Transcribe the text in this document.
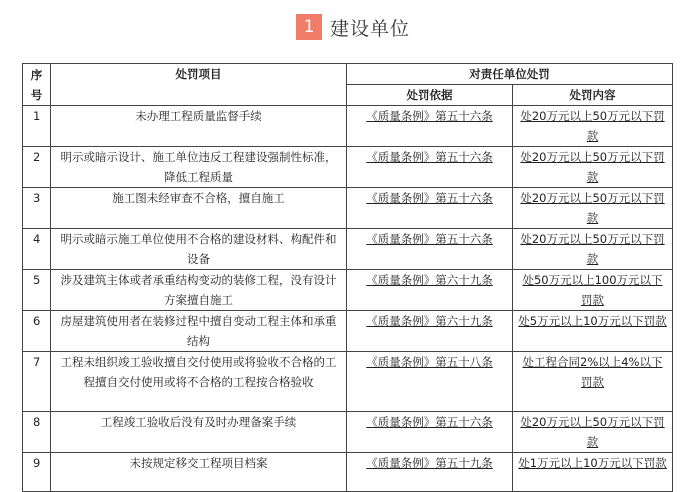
1 建设单位
序
号	处罚项目	对责任单位处罚	
		处罚依据	处罚内容
1	未办理工程质量监督手续	《质量条例》第五十六条	处20万元以上50万元以下罚款
2	明示或暗示设计、施工单位违反工程建设强制性标准，降低工程质量	《质量条例》第五十六条	处20万元以上50万元以下罚款
3	施工图未经审查不合格，擅自施工	《质量条例》第五十六条	处20万元以上50万元以下罚款
4	明示或暗示施工单位使用不合格的建设材料、构配件和设备	《质量条例》第五十六条	处20万元以上50万元以下罚款
5	涉及建筑主体或者承重结构变动的装修工程，没有设计方案擅自施工	《质量条例》第六十九条	处50万元以上100万元以下罚款
6	房屋建筑使用者在装修过程中擅自变动工程主体和承重结构	《质量条例》第六十九条	处5万元以上10万元以下罚款
7	工程未组织竣工验收擅自交付使用或将验收不合格的工程擅自交付使用或将不合格的工程按合格验收	《质量条例》第五十八条	处工程合同2%以上4%以下罚款
8	工程竣工验收后没有及时办理备案手续	《质量条例》第五十六条	处20万元以上50万元以下罚款
9	未按规定移交工程项目档案	《质量条例》第五十九条	处1万元以上10万元以下罚款
